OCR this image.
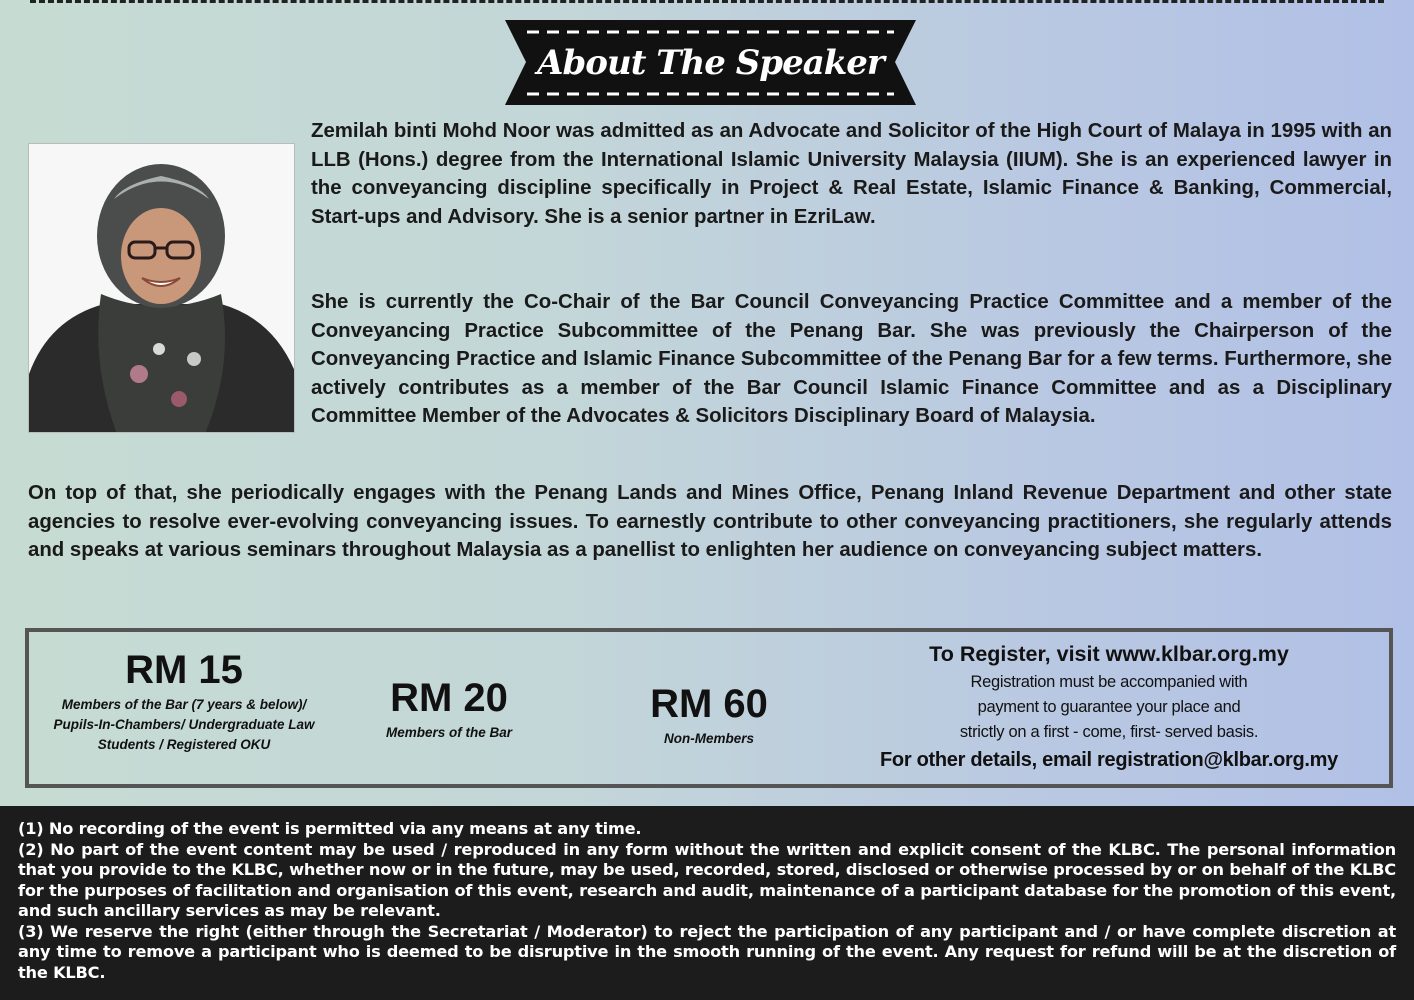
About The Speaker

Zemilah binti Mohd Noor was admitted as an Advocate and Solicitor of the High Court of Malaya in 1995 with an LLB (Hons.) degree from the International Islamic University Malaysia (IIUM). She is an experienced lawyer in the conveyancing discipline specifically in Project & Real Estate, Islamic Finance & Banking, Commercial, Start-ups and Advisory. She is a senior partner in EzriLaw.

She is currently the Co-Chair of the Bar Council Conveyancing Practice Committee and a member of the Conveyancing Practice Subcommittee of the Penang Bar. She was previously the Chairperson of the Conveyancing Practice and Islamic Finance Subcommittee of the Penang Bar for a few terms. Furthermore, she actively contributes as a member of the Bar Council Islamic Finance Committee and as a Disciplinary Committee Member of the Advocates & Solicitors Disciplinary Board of Malaysia.

On top of that, she periodically engages with the Penang Lands and Mines Office, Penang Inland Revenue Department and other state agencies to resolve ever-evolving conveyancing issues. To earnestly contribute to other conveyancing practitioners, she regularly attends and speaks at various seminars throughout Malaysia as a panellist to enlighten her audience on conveyancing subject matters.

RM 15
Members of the Bar (7 years & below)/ Pupils-In-Chambers/ Undergraduate Law Students / Registered OKU
RM 20
Members of the Bar
RM 60
Non-Members
To Register, visit www.klbar.org.my
Registration must be accompanied with
payment to guarantee your place and
strictly on a first - come, first- served basis.
For other details, email registration@klbar.org.my

(1) No recording of the event is permitted via any means at any time.

(2) No part of the event content may be used / reproduced in any form without the written and explicit consent of the KLBC. The personal information that you provide to the KLBC, whether now or in the future, may be used, recorded, stored, disclosed or otherwise processed by or on behalf of the KLBC for the purposes of facilitation and organisation of this event, research and audit, maintenance of a participant database for the promotion of this event, and such ancillary services as may be relevant.

(3) We reserve the right (either through the Secretariat / Moderator) to reject the participation of any participant and / or have complete discretion at any time to remove a participant who is deemed to be disruptive in the smooth running of the event. Any request for refund will be at the discretion of the KLBC.
